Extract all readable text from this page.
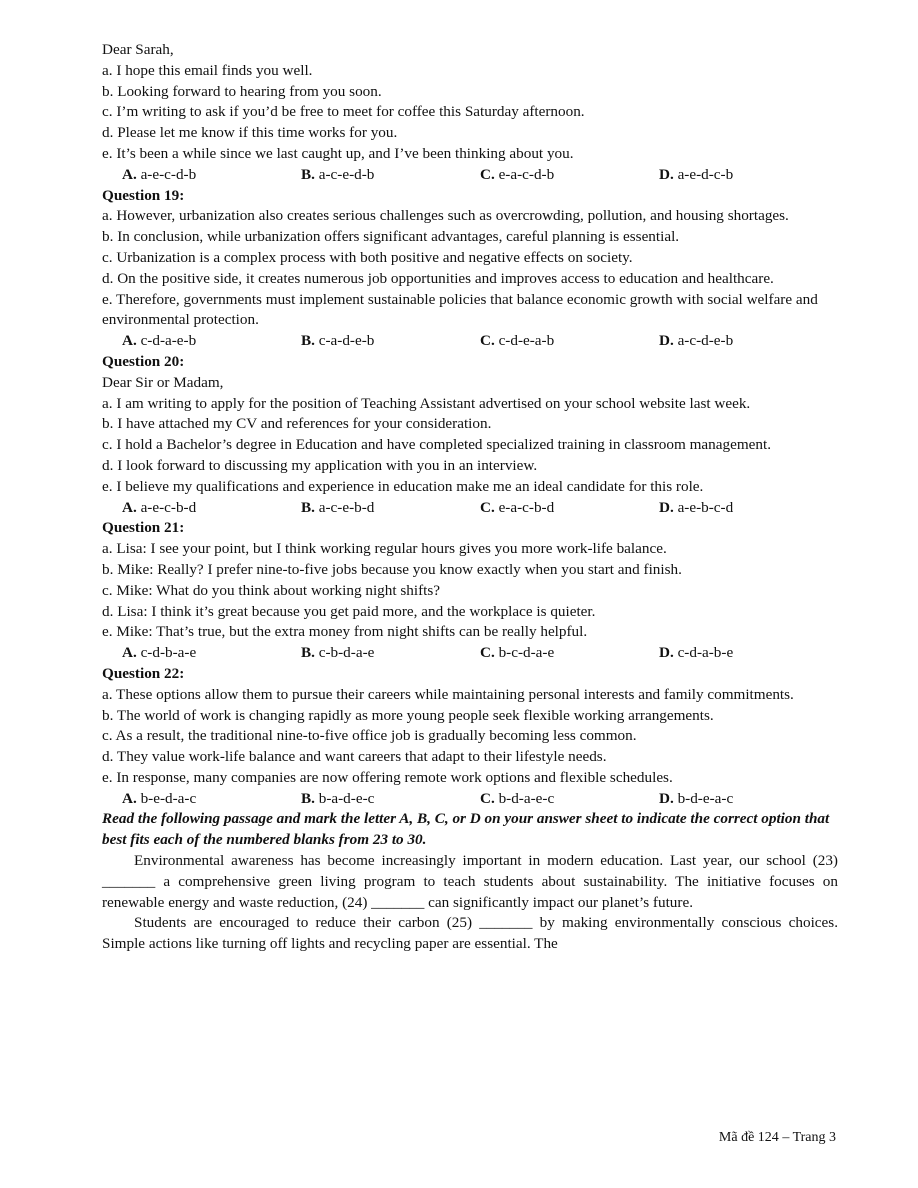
Dear Sarah,
a. I hope this email finds you well.
b. Looking forward to hearing from you soon.
c. I’m writing to ask if you’d be free to meet for coffee this Saturday afternoon.
d. Please let me know if this time works for you.
e. It’s been a while since we last caught up, and I’ve been thinking about you.
A. a-e-c-d-b	B. a-c-e-d-b	C. e-a-c-d-b	D. a-e-d-c-b
Question 19:
a. However, urbanization also creates serious challenges such as overcrowding, pollution, and housing shortages.
b. In conclusion, while urbanization offers significant advantages, careful planning is essential.
c. Urbanization is a complex process with both positive and negative effects on society.
d. On the positive side, it creates numerous job opportunities and improves access to education and healthcare.
e. Therefore, governments must implement sustainable policies that balance economic growth with social welfare and environmental protection.
A. c-d-a-e-b	B. c-a-d-e-b	C. c-d-e-a-b	D. a-c-d-e-b
Question 20:
Dear Sir or Madam,
a. I am writing to apply for the position of Teaching Assistant advertised on your school website last week.
b. I have attached my CV and references for your consideration.
c. I hold a Bachelor’s degree in Education and have completed specialized training in classroom management.
d. I look forward to discussing my application with you in an interview.
e. I believe my qualifications and experience in education make me an ideal candidate for this role.
A. a-e-c-b-d	B. a-c-e-b-d	C. e-a-c-b-d	D. a-e-b-c-d
Question 21:
a. Lisa: I see your point, but I think working regular hours gives you more work-life balance.
b. Mike: Really? I prefer nine-to-five jobs because you know exactly when you start and finish.
c. Mike: What do you think about working night shifts?
d. Lisa: I think it’s great because you get paid more, and the workplace is quieter.
e. Mike: That’s true, but the extra money from night shifts can be really helpful.
A. c-d-b-a-e	B. c-b-d-a-e	C. b-c-d-a-e	D. c-d-a-b-e
Question 22:
a. These options allow them to pursue their careers while maintaining personal interests and family commitments.
b. The world of work is changing rapidly as more young people seek flexible working arrangements.
c. As a result, the traditional nine-to-five office job is gradually becoming less common.
d. They value work-life balance and want careers that adapt to their lifestyle needs.
e. In response, many companies are now offering remote work options and flexible schedules.
A. b-e-d-a-c	B. b-a-d-e-c	C. b-d-a-e-c	D. b-d-e-a-c
Read the following passage and mark the letter A, B, C, or D on your answer sheet to indicate the correct option that best fits each of the numbered blanks from 23 to 30.
Environmental awareness has become increasingly important in modern education. Last year, our school (23) _______ a comprehensive green living program to teach students about sustainability. The initiative focuses on renewable energy and waste reduction, (24) _______ can significantly impact our planet’s future.
Students are encouraged to reduce their carbon (25) _______ by making environmentally conscious choices. Simple actions like turning off lights and recycling paper are essential. The
Mã đề 124 – Trang 3
